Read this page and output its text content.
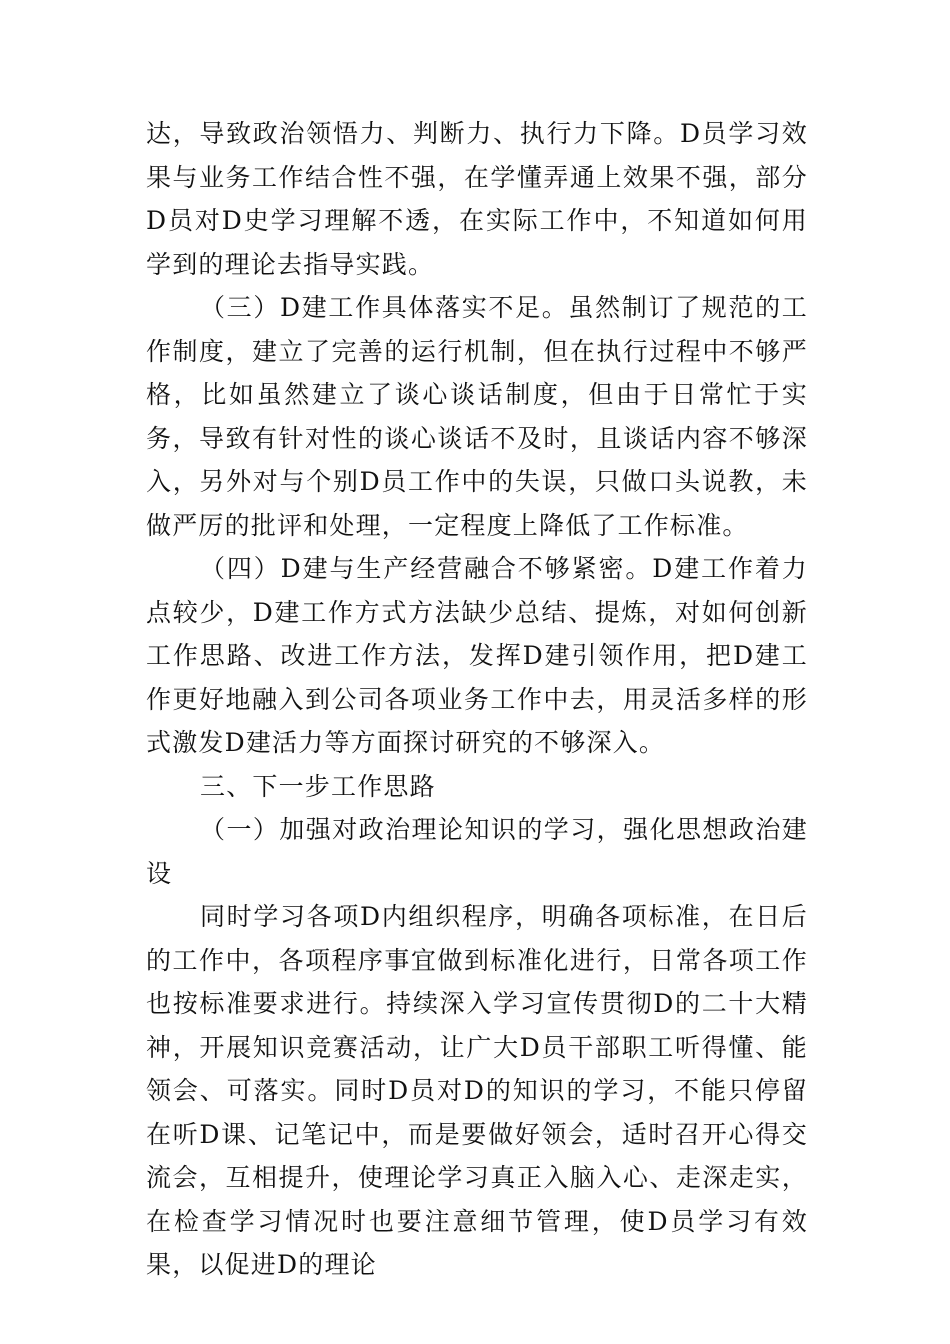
达，导致政治领悟力、判断力、执行力下降。D员学习效果与业务工作结合性不强，在学懂弄通上效果不强，部分D员对D史学习理解不透，在实际工作中，不知道如何用学到的理论去指导实践。

（三）D建工作具体落实不足。虽然制订了规范的工作制度，建立了完善的运行机制，但在执行过程中不够严格，比如虽然建立了谈心谈话制度，但由于日常忙于实务，导致有针对性的谈心谈话不及时，且谈话内容不够深入，另外对与个别D员工作中的失误，只做口头说教，未做严厉的批评和处理，一定程度上降低了工作标准。

（四）D建与生产经营融合不够紧密。D建工作着力点较少，D建工作方式方法缺少总结、提炼，对如何创新工作思路、改进工作方法，发挥D建引领作用，把D建工作更好地融入到公司各项业务工作中去，用灵活多样的形式激发D建活力等方面探讨研究的不够深入。

三、下一步工作思路

（一）加强对政治理论知识的学习，强化思想政治建设

同时学习各项D内组织程序，明确各项标准，在日后的工作中，各项程序事宜做到标准化进行，日常各项工作也按标准要求进行。持续深入学习宣传贯彻D的二十大精神，开展知识竞赛活动，让广大D员干部职工听得懂、能领会、可落实。同时D员对D的知识的学习，不能只停留在听D课、记笔记中，而是要做好领会，适时召开心得交流会，互相提升，使理论学习真正入脑入心、走深走实，在检查学习情况时也要注意细节管理，使D员学习有效果，以促进D的理论
